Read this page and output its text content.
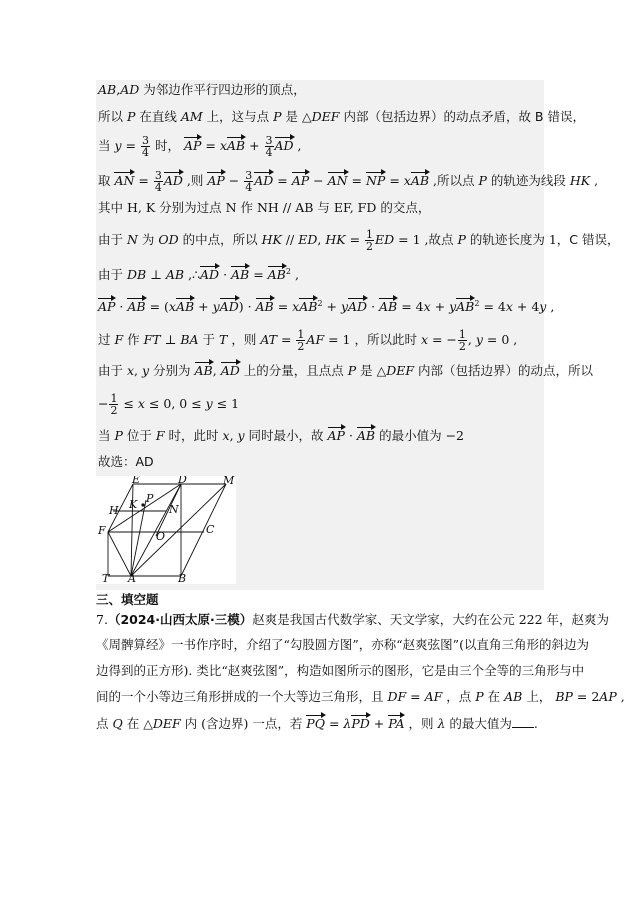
AB,AD 为邻边作平行四边形的顶点，
所以 P 在直线 AM 上，这与点 P 是 △DEF 内部（包括边界）的动点矛盾，故 B 错误，
当 $y = \frac{3}{4}$ 时， AP = xAB + $\frac{3}{4}$ AD ,
取 AN = $\frac{3}{4}$ AD ,则 AP − $\frac{3}{4}$ AD = AP − AN = NP = xAB ,所以点 P 的轨迹为线段 HK ,
其中 H, K 分别为过点 N 作 NH // AB 与 EF, FD 的交点，
由于 N 为 OD 的中点，所以 HK // ED, HK = $\frac{1}{2}$ ED = 1 ,故点 P 的轨迹长度为 1，C 错误，
由于 DB ⊥ AB ,∴AD · AB = $AB^2$ ,
AP · AB = (xAB + yAD) · AB = xAB$^2$ + yAD · AB = 4x + yAB$^2$ = 4x + 4y ,
过 F 作 FT ⊥ BA 于 T ，则 AT = $\frac{1}{2}$ AF = 1 ，所以此时 x = − $\frac{1}{2}$ , y = 0 ,
由于 x, y 分别为 AB, AD 上的分量，且点点 P 是 △DEF 内部（包括边界）的动点，所以
− $\frac{1}{2} \le x \le 0$, 0 ≤ y ≤ 1
当 P 位于 F 时，此时 x, y 同时最小，故 AP · AB 的最小值为 −2
故选：AD
E	D	M
H K P
N
F	O
C
T A	B
三、填空题
7.（2024·山西太原·三模）赵爽是我国古代数学家、天文学家，大约在公元 222 年，赵爽为
《周髀算经》一书作序时，介绍了“勾股圆方图”，亦称“赵爽弦图”(以直角三角形的斜边为
边得到的正方形). 类比“赵爽弦图”，构造如图所示的图形，它是由三个全等的三角形与中
间的一个小等边三角形拼成的一个大等边三角形，且 DF = AF ，点 P 在 AB 上， BP = 2AP ,
点 Q 在 △DEF 内 (含边界) 一点，若 PQ = λPD + PA ，则 λ 的最大值为 .
